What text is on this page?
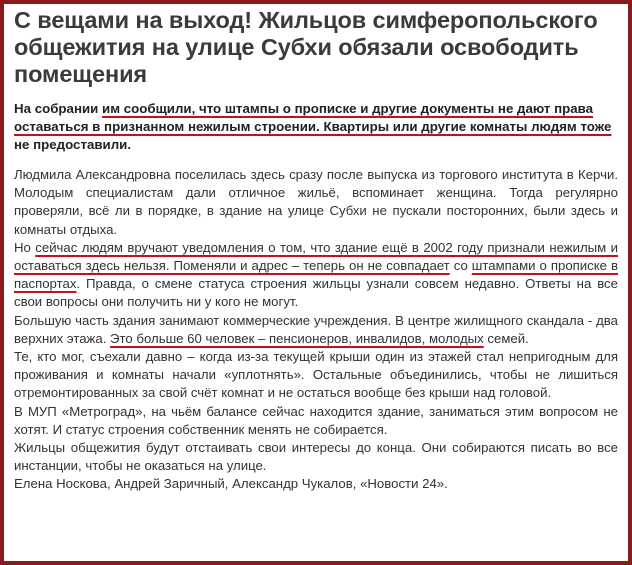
С вещами на выход! Жильцов симферопольского общежития на улице Субхи обязали освободить помещения

На собрании им сообщили, что штампы о прописке и другие документы не дают права оставаться в признанном нежилым строении. Квартиры или другие комнаты людям тоже не предоставили.

Людмила Александровна поселилась здесь сразу после выпуска из торгового института в Керчи. Молодым специалистам дали отличное жильё, вспоминает женщина. Тогда регулярно проверяли, всё ли в порядке, в здание на улице Субхи не пускали посторонних, были здесь и комнаты отдыха.

Но сейчас людям вручают уведомления о том, что здание ещё в 2002 году признали нежилым и оставаться здесь нельзя. Поменяли и адрес – теперь он не совпадает со штампами о прописке в паспортах. Правда, о смене статуса строения жильцы узнали совсем недавно. Ответы на все свои вопросы они получить ни у кого не могут.

Большую часть здания занимают коммерческие учреждения. В центре жилищного скандала - два верхних этажа. Это больше 60 человек – пенсионеров, инвалидов, молодых семей.

Те, кто мог, съехали давно – когда из-за текущей крыши один из этажей стал непригодным для проживания и комнаты начали «уплотнять». Остальные объединились, чтобы не лишиться отремонтированных за свой счёт комнат и не остаться вообще без крыши над головой.

В МУП «Метроград», на чьём балансе сейчас находится здание, заниматься этим вопросом не хотят. И статус строения собственник менять не собирается.

Жильцы общежития будут отстаивать свои интересы до конца. Они собираются писать во все инстанции, чтобы не оказаться на улице.

Елена Носкова, Андрей Заричный, Александр Чукалов, «Новости 24».
